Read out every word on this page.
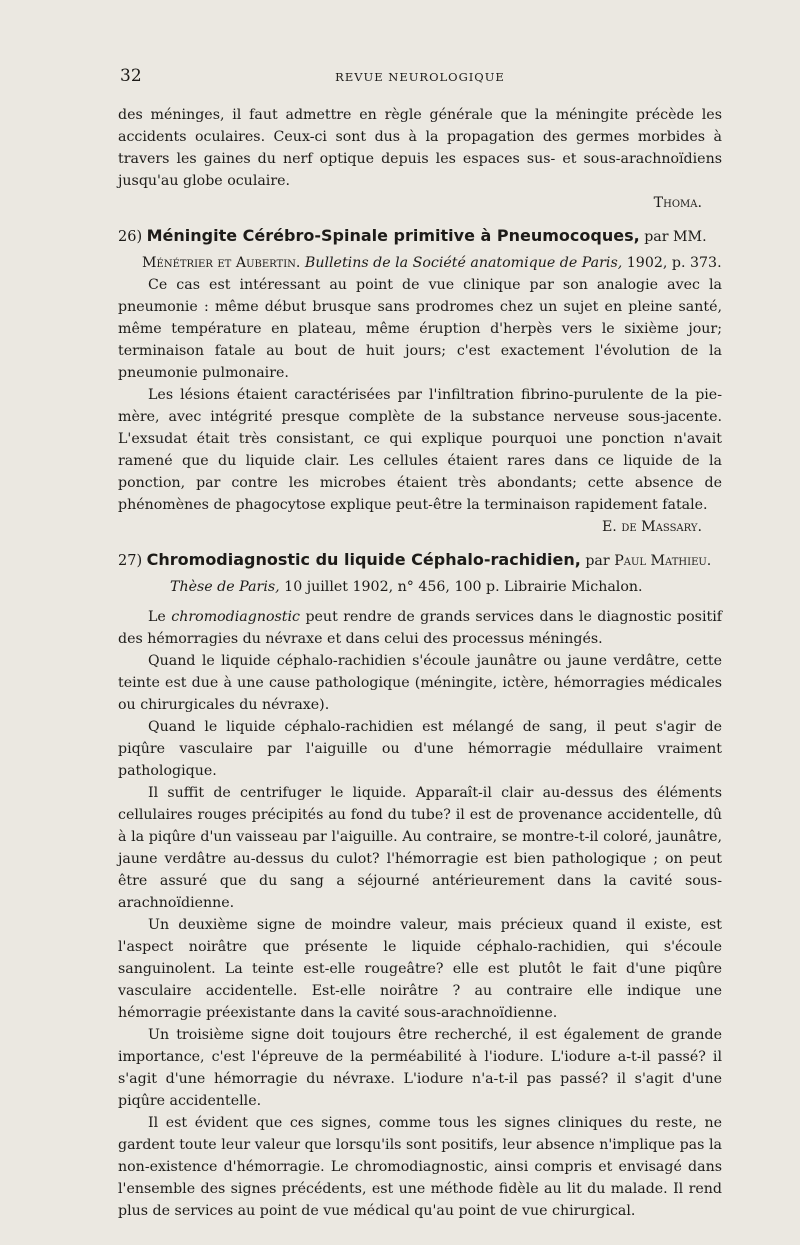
32	REVUE NEUROLOGIQUE

des méninges, il faut admettre en règle générale que la méningite précède les accidents oculaires. Ceux-ci sont dus à la propagation des germes morbides à travers les gaines du nerf optique depuis les espaces sus- et sous-arachnoïdiens jusqu'au globe oculaire.

Thoma.

26) Méningite Cérébro-Spinale primitive à Pneumocoques, par MM.

Ménétrier et Aubertin. Bulletins de la Société anatomique de Paris, 1902, p. 373.

Ce cas est intéressant au point de vue clinique par son analogie avec la pneumonie : même début brusque sans prodromes chez un sujet en pleine santé, même température en plateau, même éruption d'herpès vers le sixième jour; terminaison fatale au bout de huit jours; c'est exactement l'évolution de la pneumonie pulmonaire.

Les lésions étaient caractérisées par l'infiltration fibrino-purulente de la pie-mère, avec intégrité presque complète de la substance nerveuse sous-jacente. L'exsudat était très consistant, ce qui explique pourquoi une ponction n'avait ramené que du liquide clair. Les cellules étaient rares dans ce liquide de la ponction, par contre les microbes étaient très abondants; cette absence de phénomènes de phagocytose explique peut-être la terminaison rapidement fatale.

E. de Massary.

27) Chromodiagnostic du liquide Céphalo-rachidien, par Paul Mathieu.

Thèse de Paris, 10 juillet 1902, n° 456, 100 p. Librairie Michalon.

Le chromodiagnostic peut rendre de grands services dans le diagnostic positif des hémorragies du névraxe et dans celui des processus méningés.

Quand le liquide céphalo-rachidien s'écoule jaunâtre ou jaune verdâtre, cette teinte est due à une cause pathologique (méningite, ictère, hémorragies médicales ou chirurgicales du névraxe).

Quand le liquide céphalo-rachidien est mélangé de sang, il peut s'agir de piqûre vasculaire par l'aiguille ou d'une hémorragie médullaire vraiment pathologique.

Il suffit de centrifuger le liquide. Apparaît-il clair au-dessus des éléments cellulaires rouges précipités au fond du tube? il est de provenance accidentelle, dû à la piqûre d'un vaisseau par l'aiguille. Au contraire, se montre-t-il coloré, jaunâtre, jaune verdâtre au-dessus du culot? l'hémorragie est bien pathologique ; on peut être assuré que du sang a séjourné antérieurement dans la cavité sous-arachnoïdienne.

Un deuxième signe de moindre valeur, mais précieux quand il existe, est l'aspect noirâtre que présente le liquide céphalo-rachidien, qui s'écoule sanguinolent. La teinte est-elle rougeâtre? elle est plutôt le fait d'une piqûre vasculaire accidentelle. Est-elle noirâtre ? au contraire elle indique une hémorragie préexistante dans la cavité sous-arachnoïdienne.

Un troisième signe doit toujours être recherché, il est également de grande importance, c'est l'épreuve de la perméabilité à l'iodure. L'iodure a-t-il passé? il s'agit d'une hémorragie du névraxe. L'iodure n'a-t-il pas passé? il s'agit d'une piqûre accidentelle.

Il est évident que ces signes, comme tous les signes cliniques du reste, ne gardent toute leur valeur que lorsqu'ils sont positifs, leur absence n'implique pas la non-existence d'hémorragie. Le chromodiagnostic, ainsi compris et envisagé dans l'ensemble des signes précédents, est une méthode fidèle au lit du malade. Il rend plus de services au point de vue médical qu'au point de vue chirurgical.
